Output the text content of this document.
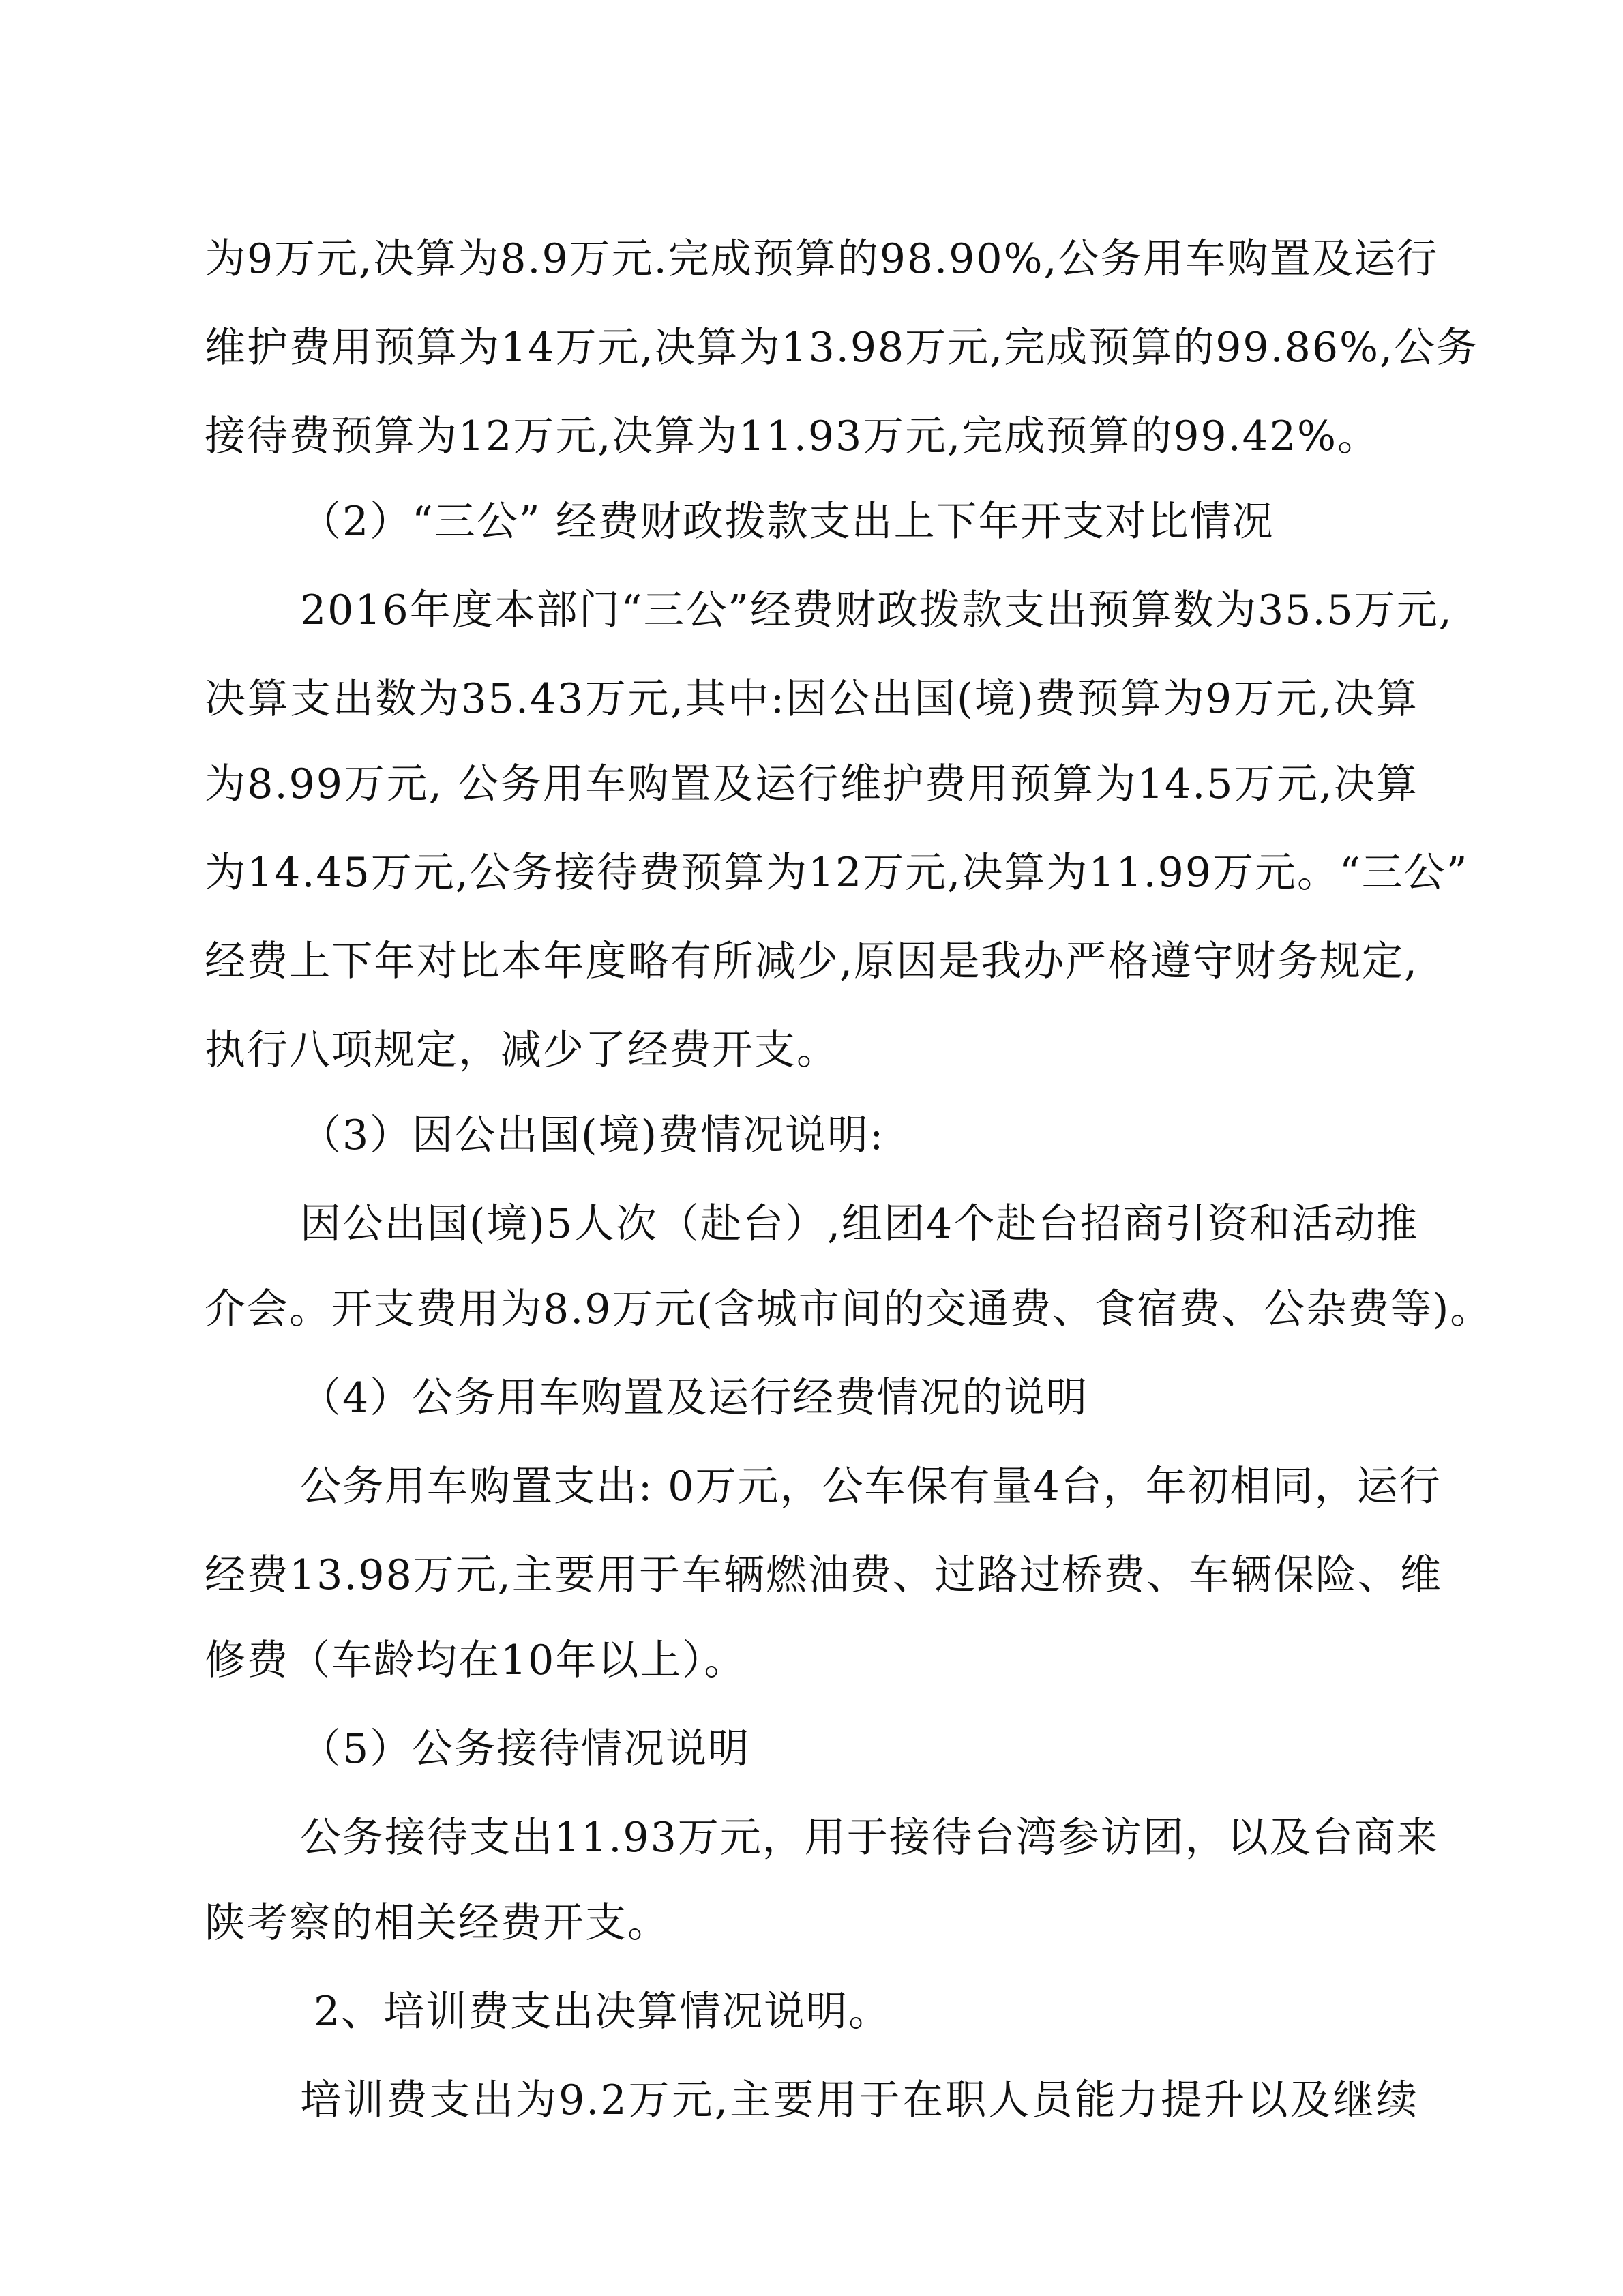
为9万元,决算为8.9万元.完成预算的98.90%,公务用车购置及运行
维护费用预算为14万元,决算为13.98万元,完成预算的99.86%,公务
接待费预算为12万元,决算为11.93万元,完成预算的99.42%。
（2）“三公” 经费财政拨款支出上下年开支对比情况
2016年度本部门“三公”经费财政拨款支出预算数为35.5万元,
决算支出数为35.43万元,其中:因公出国(境)费预算为9万元,决算
为8.99万元, 公务用车购置及运行维护费用预算为14.5万元,决算
为14.45万元,公务接待费预算为12万元,决算为11.99万元。“三公”
经费上下年对比本年度略有所减少,原因是我办严格遵守财务规定,
执行八项规定，减少了经费开支。
（3）因公出国(境)费情况说明:
因公出国(境)5人次（赴台）,组团4个赴台招商引资和活动推
介会。开支费用为8.9万元(含城市间的交通费、食宿费、公杂费等)。
（4）公务用车购置及运行经费情况的说明
公务用车购置支出: 0万元，公车保有量4台，年初相同，运行
经费13.98万元,主要用于车辆燃油费、过路过桥费、车辆保险、维
修费（车龄均在10年以上）。
（5）公务接待情况说明
公务接待支出11.93万元，用于接待台湾参访团，以及台商来
陕考察的相关经费开支。
2、培训费支出决算情况说明。
培训费支出为9.2万元,主要用于在职人员能力提升以及继续
